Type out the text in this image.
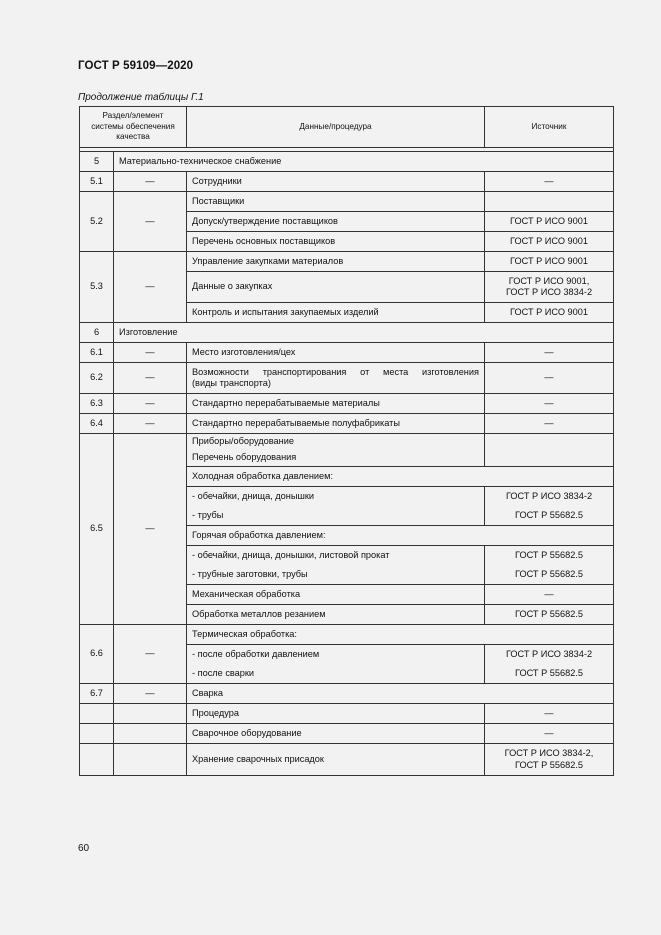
ГОСТ Р 59109—2020
Продолжение таблицы Г.1
Раздел/элемент
системы обеспечения
качества		Данные/процедура	Источник

5	Материально-техническое снабжение		
5.1	—	Сотрудники	—
5.2	—	Поставщики	
		Допуск/утверждение поставщиков	ГОСТ Р ИСО 9001
		Перечень основных поставщиков	ГОСТ Р ИСО 9001
5.3	—	Управление закупками материалов	ГОСТ Р ИСО 9001
		Данные о закупках	ГОСТ Р ИСО 9001,
ГОСТ Р ИСО 3834-2

		Контроль и испытания закупаемых изделий	ГОСТ Р ИСО 9001
6	Изготовление		
6.1	—	Место изготовления/цех	—
6.2	—	Возможности транспортирования от места изготовления
(виды транспорта)	—
6.3	—	Стандартно перерабатываемые материалы	—
6.4	—	Стандартно перерабатываемые полуфабрикаты	—
6.5	—	Приборы/оборудование	
		Перечень оборудования	
		Холодная обработка давлением:	
		- обечайки, днища, донышки	ГОСТ Р ИСО 3834-2
		- трубы	ГОСТ Р 55682.5
		Горячая обработка давлением:	
		- обечайки, днища, донышки, листовой прокат	ГОСТ Р 55682.5
		- трубные заготовки, трубы	ГОСТ Р 55682.5
		Механическая обработка	—
		Обработка металлов резанием	ГОСТ Р 55682.5
6.6	—	Термическая обработка:	
		- после обработки давлением	ГОСТ Р ИСО 3834-2
		- после сварки	ГОСТ Р 55682.5
6.7	—	Сварка	
		Процедура	—
		Сварочное оборудование	—
		Хранение сварочных присадок	ГОСТ Р ИСО 3834-2,
ГОСТ Р 55682.5
60
